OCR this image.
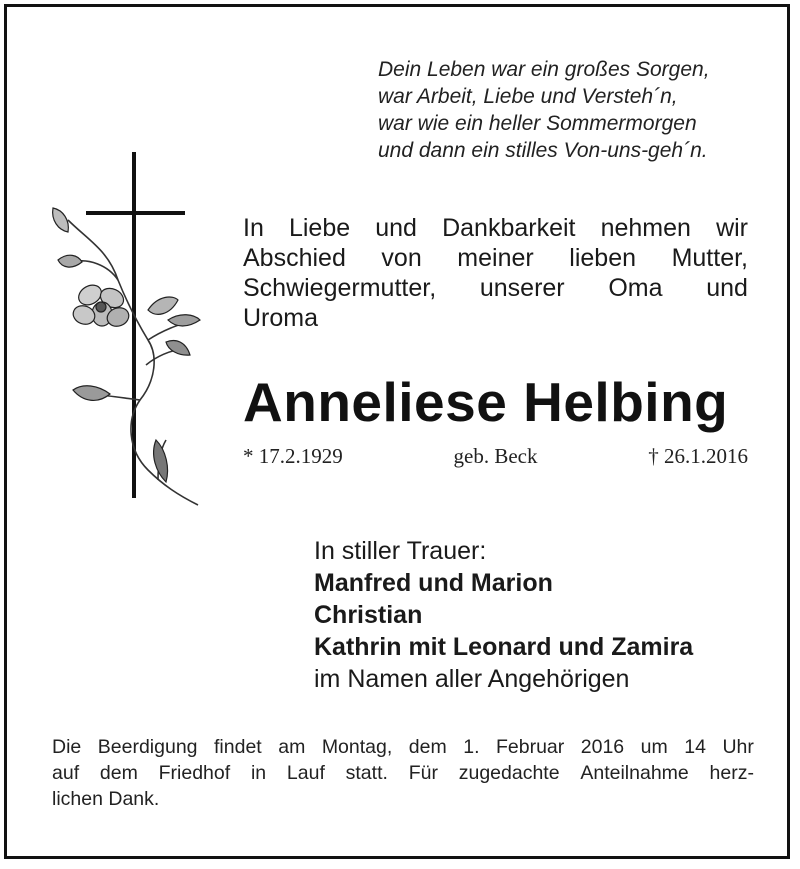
Dein Leben war ein großes Sorgen,
war Arbeit, Liebe und Versteh´n,
war wie ein heller Sommermorgen
und dann ein stilles Von-uns-geh´n.
In Liebe und Dankbarkeit nehmen wir
Abschied von meiner lieben Mutter,
Schwiegermutter, unserer Oma und
Uroma
Anneliese Helbing
* 17.2.1929	geb. Beck	† 26.1.2016
In stiller Trauer:
Manfred und Marion
Christian
Kathrin mit Leonard und Zamira
im Namen aller Angehörigen
Die Beerdigung findet am Montag, dem 1. Februar 2016 um 14 Uhr
auf dem Friedhof in Lauf statt. Für zugedachte Anteilnahme herz-
lichen
Dank.
